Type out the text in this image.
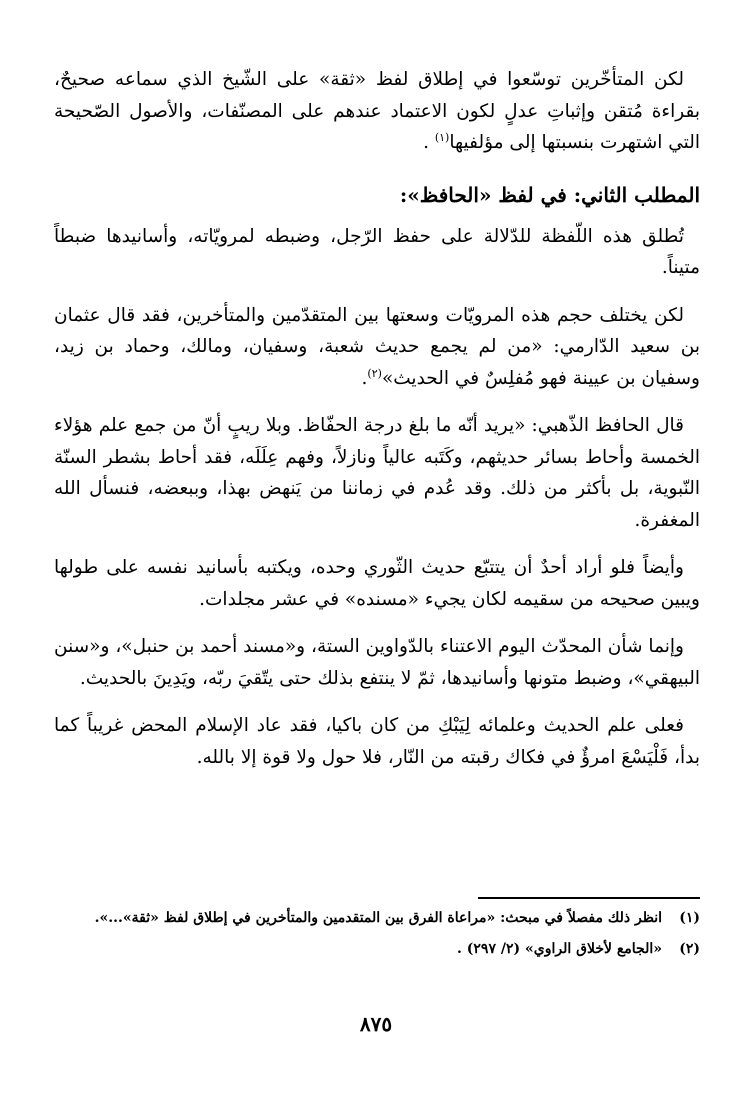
لكن المتأخّرين توسّعوا في إطلاق لفظ «ثقة» على الشّيخ الذي سماعه صحيحٌ، بقراءة مُتقن وإثباتِ عدلٍ لكون الاعتماد عندهم على المصنّفات، والأصول الصّحيحة التي اشتهرت بنسبتها إلى مؤلفيها$^{(١)}$ .

المطلب الثاني: في لفظ «الحافظ»:

تُطلق هذه اللّفظة للدّلالة على حفظ الرّجل، وضبطه لمرويّاته، وأسانيدها ضبطاً متيناً.

لكن يختلف حجم هذه المرويّات وسعتها بين المتقدّمين والمتأخرين، فقد قال عثمان بن سعيد الدّارمي: «من لم يجمع حديث شعبة، وسفيان، ومالك، وحماد بن زيد، وسفيان بن عيينة فهو مُفلِسٌ في الحديث»$^{(٢)}$.

قال الحافظ الذّهبي: «يريد أنّه ما بلغ درجة الحفّاظ. وبلا ريبٍ أنّ من جمع علم هؤلاء الخمسة وأحاط بسائر حديثهم، وكَتَبه عالياً ونازلاً، وفهم عِلَلَه، فقد أحاط بشطر السنّة النّبوية، بل بأكثر من ذلك. وقد عُدم في زماننا من يَنهض بهذا، وببعضه، فنسأل الله المغفرة.

وأيضاً فلو أراد أحدٌ أن يتتبّع حديث الثّوري وحده، ويكتبه بأسانيد نفسه على طولها ويبين صحيحه من سقيمه لكان يجيء «مسنده» في عشر مجلدات.

وإنما شأن المحدّث اليوم الاعتناء بالدّواوين الستة، و«مسند أحمد بن حنبل»، و«سنن البيهقي»، وضبط متونها وأسانيدها، ثمّ لا ينتفع بذلك حتى يتّقيَ ربّه، ويَدِينَ بالحديث.

فعلى علم الحديث وعلمائه لِيَبْكِ من كان باكيا، فقد عاد الإسلام المحض غريباً كما بدأ، فَلْيَسْعَ امرؤٌ في فكاك رقبته من النّار، فلا حول ولا قوة إلا بالله.

(١)
انظر ذلك مفصلاً في مبحث: «مراعاة الفرق بين المتقدمين والمتأخرين في إطلاق لفظ «ثقة»...».
(٢)
«الجامع لأخلاق الراوي» (٢/ ٢٩٧) .
٨٧٥
